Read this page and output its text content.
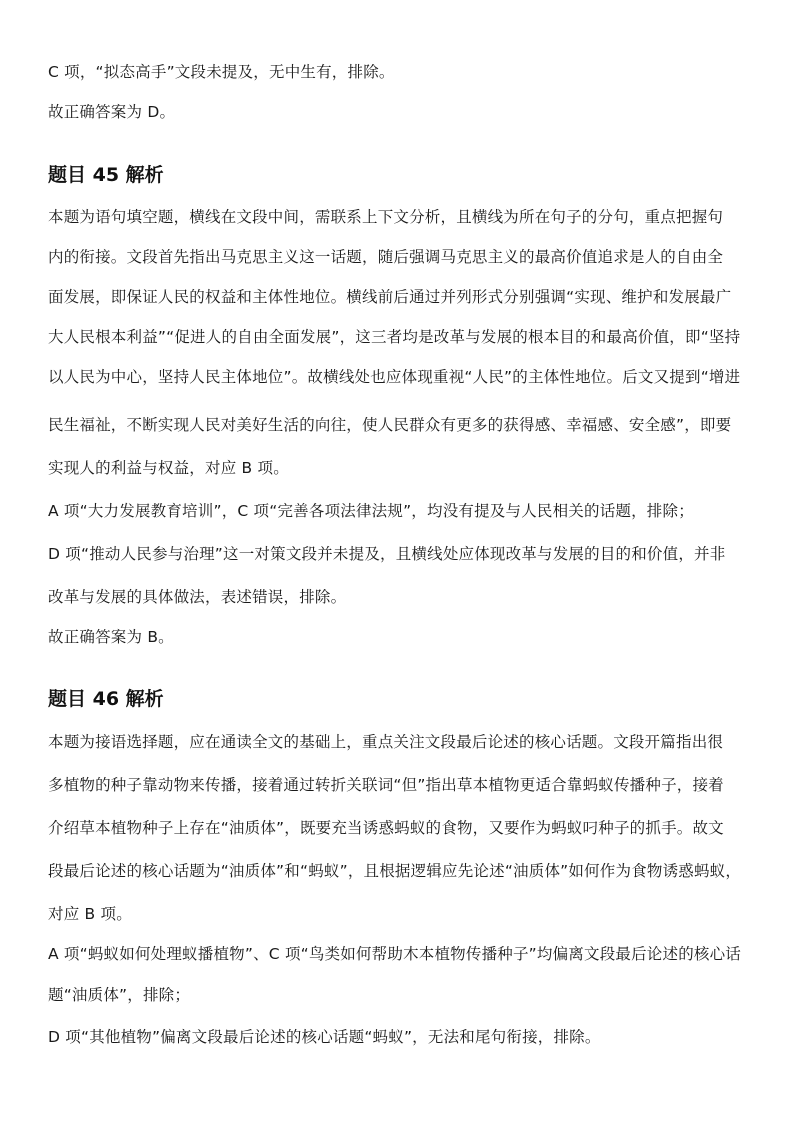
C 项，“拟态高手”文段未提及，无中生有，排除。
故正确答案为 D。
题目 45 解析
本题为语句填空题，横线在文段中间，需联系上下文分析，且横线为所在句子的分句，重点把握句
内的衔接。文段首先指出马克思主义这一话题，随后强调马克思主义的最高价值追求是人的自由全
面发展，即保证人民的权益和主体性地位。横线前后通过并列形式分别强调“实现、维护和发展最广
大人民根本利益”“促进人的自由全面发展”，这三者均是改革与发展的根本目的和最高价值，即“坚持
以人民为中心，坚持人民主体地位”。故横线处也应体现重视“人民”的主体性地位。后文又提到“增进
民生福祉，不断实现人民对美好生活的向往，使人民群众有更多的获得感、幸福感、安全感”，即要
实现人的利益与权益，对应 B 项。
A 项“大力发展教育培训”，C 项“完善各项法律法规”，均没有提及与人民相关的话题，排除；
D 项“推动人民参与治理”这一对策文段并未提及，且横线处应体现改革与发展的目的和价值，并非
改革与发展的具体做法，表述错误，排除。
故正确答案为 B。
题目 46 解析
本题为接语选择题，应在通读全文的基础上，重点关注文段最后论述的核心话题。文段开篇指出很
多植物的种子靠动物来传播，接着通过转折关联词“但”指出草本植物更适合靠蚂蚁传播种子，接着
介绍草本植物种子上存在“油质体”，既要充当诱惑蚂蚁的食物，又要作为蚂蚁叼种子的抓手。故文
段最后论述的核心话题为“油质体”和“蚂蚁”，且根据逻辑应先论述“油质体”如何作为食物诱惑蚂蚁，
对应 B 项。
A 项“蚂蚁如何处理蚁播植物”、C 项“鸟类如何帮助木本植物传播种子”均偏离文段最后论述的核心话
题“油质体”，排除；
D 项“其他植物”偏离文段最后论述的核心话题“蚂蚁”，无法和尾句衔接，排除。
